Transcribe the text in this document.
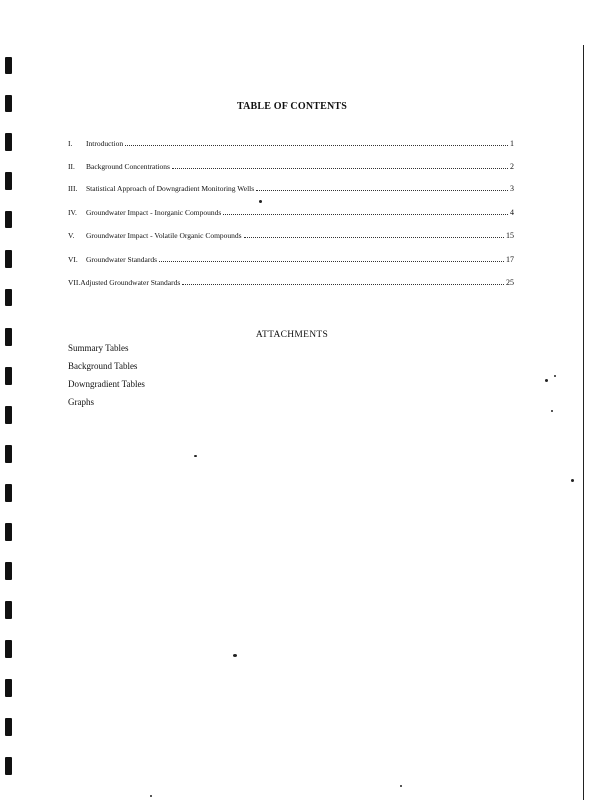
TABLE OF CONTENTS
I.	Introduction	1
II.	Background Concentrations	2
III.	Statistical Approach of Downgradient Monitoring Wells	3
IV.	Groundwater Impact - Inorganic Compounds	4
V.	Groundwater Impact - Volatile Organic Compounds	15
VI.	Groundwater Standards	17
VII. Adjusted Groundwater Standards	25
ATTACHMENTS
Summary Tables
Background Tables
Downgradient Tables
Graphs
